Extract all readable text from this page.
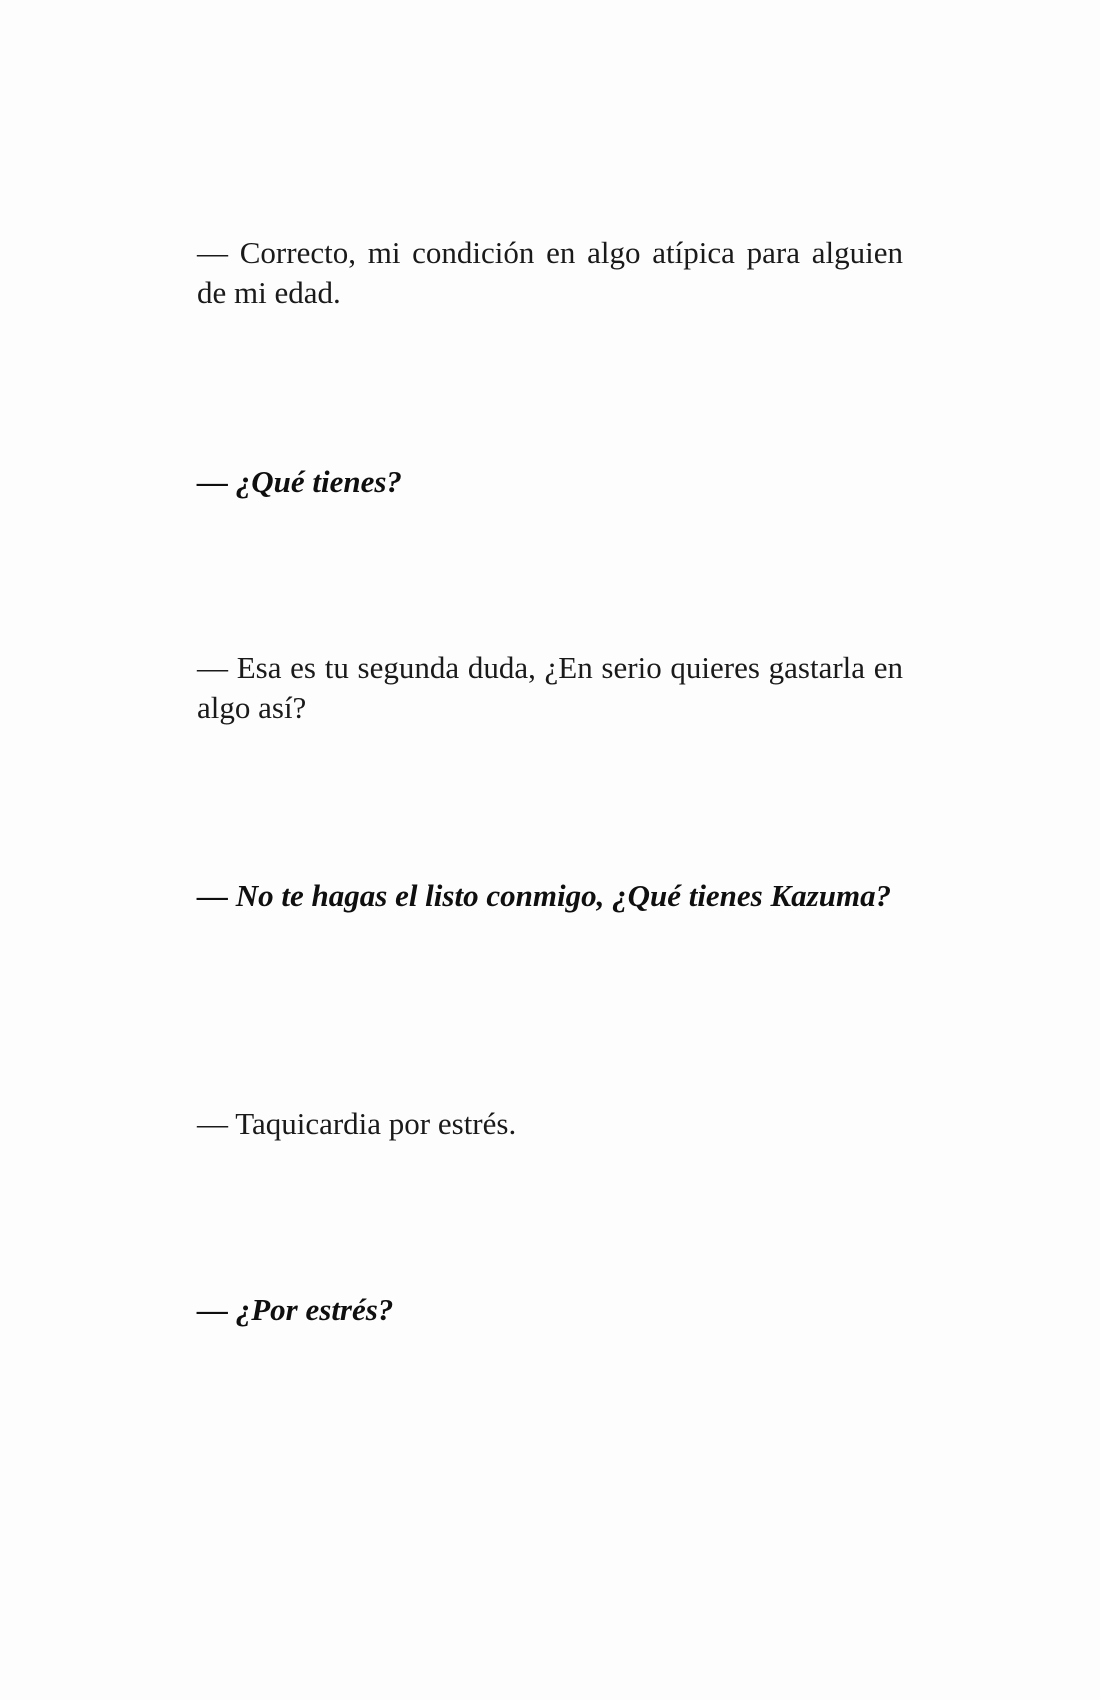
— Correcto, mi condición en algo atípica para alguien de mi edad.

— ¿Qué tienes?

— Esa es tu segunda duda, ¿En serio quieres gastarla en algo así?

— No te hagas el listo conmigo, ¿Qué tienes Kazuma?

— Taquicardia por estrés.

— ¿Por estrés?
